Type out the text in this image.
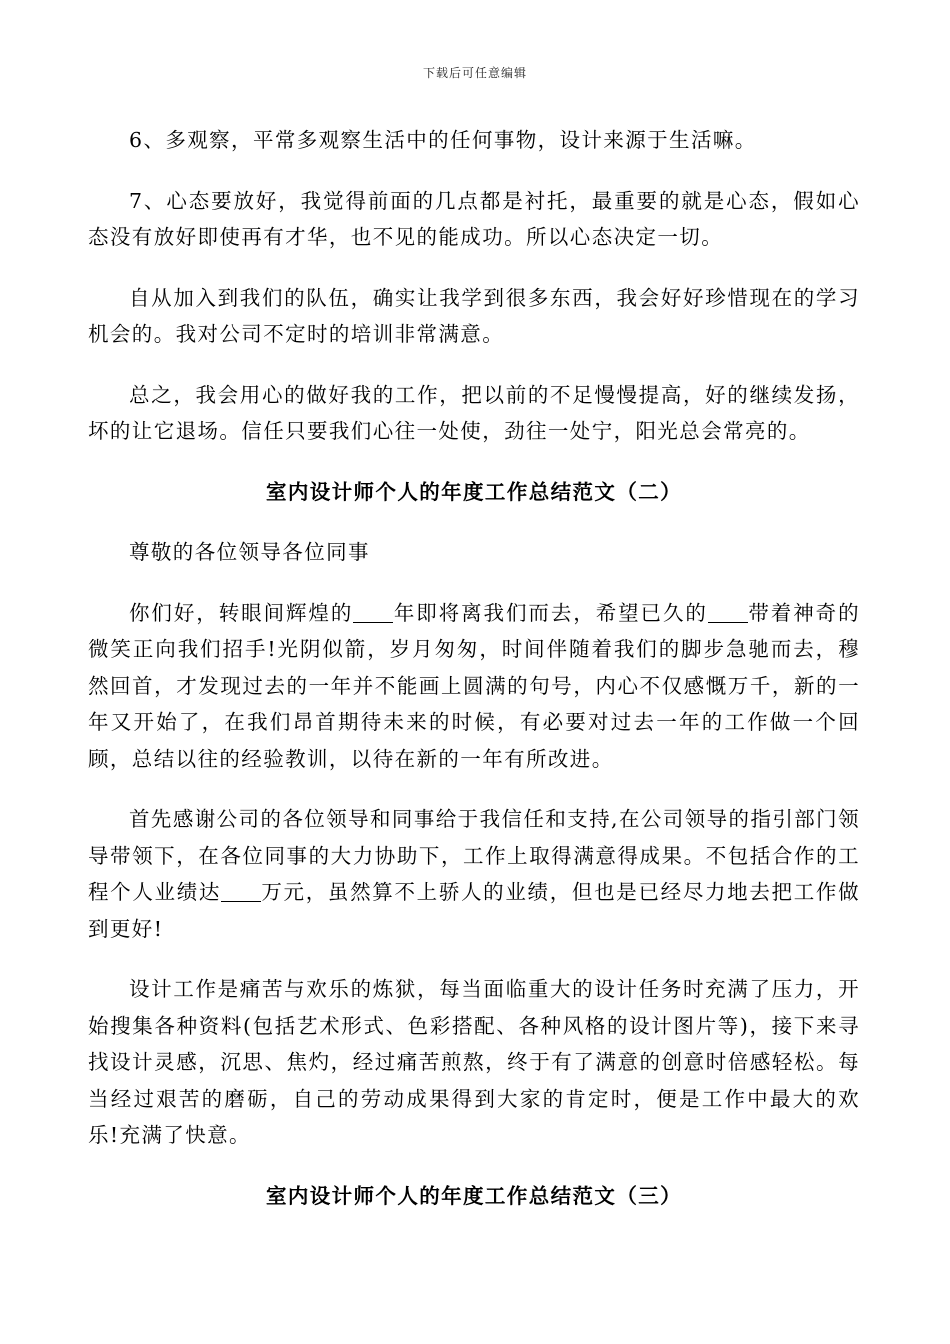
下载后可任意编辑

6、多观察，平常多观察生活中的任何事物，设计来源于生活嘛。

7、心态要放好，我觉得前面的几点都是衬托，最重要的就是心态，假如心态没有放好即使再有才华，也不见的能成功。所以心态决定一切。

自从加入到我们的队伍，确实让我学到很多东西，我会好好珍惜现在的学习机会的。我对公司不定时的培训非常满意。

总之，我会用心的做好我的工作，把以前的不足慢慢提高，好的继续发扬，坏的让它退场。信任只要我们心往一处使，劲往一处宁，阳光总会常亮的。

室内设计师个人的年度工作总结范文（二）

尊敬的各位领导各位同事

你们好，转眼间辉煌的 年即将离我们而去，希望已久的 带着神奇的微笑正向我们招手!光阴似箭，岁月匆匆，时间伴随着我们的脚步急驰而去，穆然回首，才发现过去的一年并不能画上圆满的句号，内心不仅感慨万千，新的一年又开始了，在我们昂首期待未来的时候，有必要对过去一年的工作做一个回顾，总结以往的经验教训，以待在新的一年有所改进。

首先感谢公司的各位领导和同事给于我信任和支持,在公司领导的指引部门领导带领下，在各位同事的大力协助下，工作上取得满意得成果。不包括合作的工程个人业绩达 万元，虽然算不上骄人的业绩，但也是已经尽力地去把工作做到更好!

设计工作是痛苦与欢乐的炼狱，每当面临重大的设计任务时充满了压力，开始搜集各种资料(包括艺术形式、色彩搭配、各种风格的设计图片等)，接下来寻找设计灵感，沉思、焦灼，经过痛苦煎熬，终于有了满意的创意时倍感轻松。每当经过艰苦的磨砺，自己的劳动成果得到大家的肯定时，便是工作中最大的欢乐!充满了快意。

室内设计师个人的年度工作总结范文（三）
